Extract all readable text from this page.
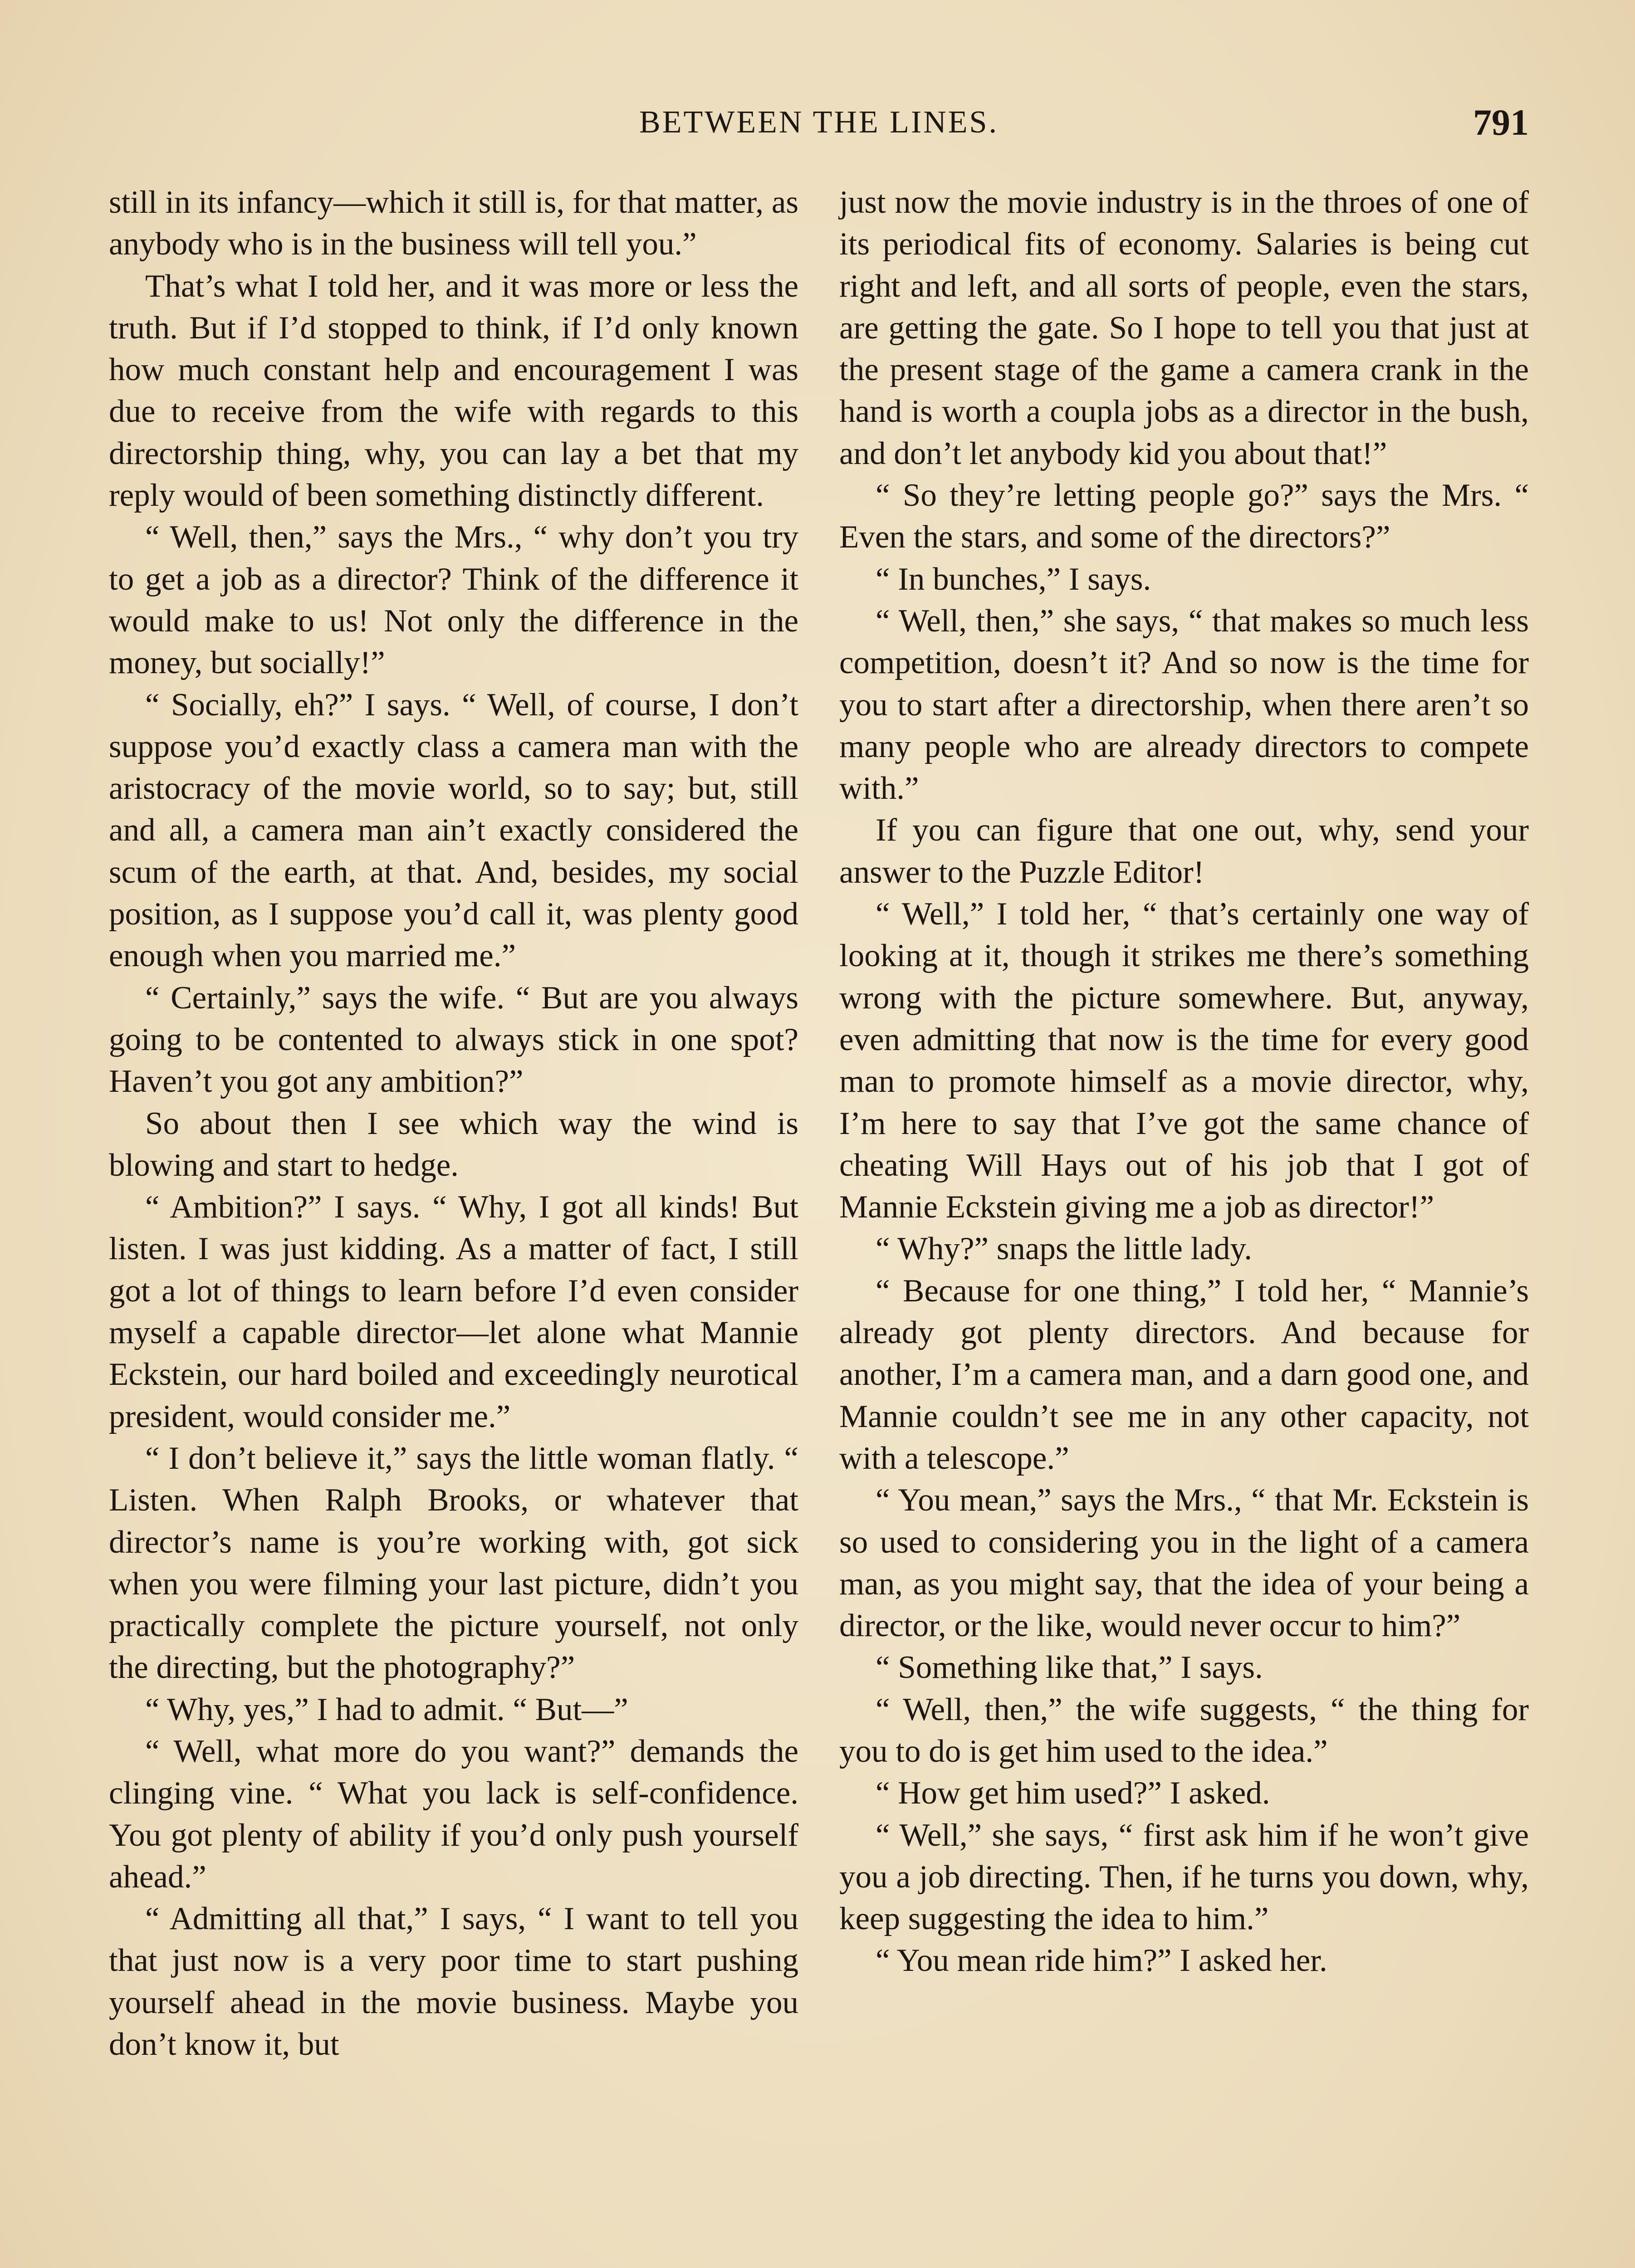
BETWEEN THE LINES.	791

still in its infancy—which it still is, for that matter, as anybody who is in the business will tell you.”

That’s what I told her, and it was more or less the truth. But if I’d stopped to think, if I’d only known how much constant help and encouragement I was due to receive from the wife with regards to this directorship thing, why, you can lay a bet that my reply would of been something distinctly different.

“ Well, then,” says the Mrs., “ why don’t you try to get a job as a director? Think of the difference it would make to us! Not only the difference in the money, but socially!”

“ Socially, eh?” I says. “ Well, of course, I don’t suppose you’d exactly class a camera man with the aristocracy of the movie world, so to say; but, still and all, a camera man ain’t exactly considered the scum of the earth, at that. And, besides, my social position, as I suppose you’d call it, was plenty good enough when you married me.”

“ Certainly,” says the wife. “ But are you always going to be contented to always stick in one spot? Haven’t you got any ambition?”

So about then I see which way the wind is blowing and start to hedge.

“ Ambition?” I says. “ Why, I got all kinds! But listen. I was just kidding. As a matter of fact, I still got a lot of things to learn before I’d even consider myself a capable director—let alone what Mannie Eckstein, our hard boiled and exceedingly neurotical president, would consider me.”

“ I don’t believe it,” says the little woman flatly. “ Listen. When Ralph Brooks, or whatever that director’s name is you’re working with, got sick when you were filming your last picture, didn’t you practically complete the picture yourself, not only the directing, but the photography?”

“ Why, yes,” I had to admit. “ But—”

“ Well, what more do you want?” demands the clinging vine. “ What you lack is self-confidence. You got plenty of ability if you’d only push yourself ahead.”

“ Admitting all that,” I says, “ I want to tell you that just now is a very poor time to start pushing yourself ahead in the movie business. Maybe you don’t know it, but

just now the movie industry is in the throes of one of its periodical fits of economy. Salaries is being cut right and left, and all sorts of people, even the stars, are getting the gate. So I hope to tell you that just at the present stage of the game a camera crank in the hand is worth a coupla jobs as a director in the bush, and don’t let anybody kid you about that!”

“ So they’re letting people go?” says the Mrs. “ Even the stars, and some of the directors?”

“ In bunches,” I says.

“ Well, then,” she says, “ that makes so much less competition, doesn’t it? And so now is the time for you to start after a directorship, when there aren’t so many people who are already directors to compete with.”

If you can figure that one out, why, send your answer to the Puzzle Editor!

“ Well,” I told her, “ that’s certainly one way of looking at it, though it strikes me there’s something wrong with the picture somewhere. But, anyway, even admitting that now is the time for every good man to promote himself as a movie director, why, I’m here to say that I’ve got the same chance of cheating Will Hays out of his job that I got of Mannie Eckstein giving me a job as director!”

“ Why?” snaps the little lady.

“ Because for one thing,” I told her, “ Mannie’s already got plenty directors. And because for another, I’m a camera man, and a darn good one, and Mannie couldn’t see me in any other capacity, not with a telescope.”

“ You mean,” says the Mrs., “ that Mr. Eckstein is so used to considering you in the light of a camera man, as you might say, that the idea of your being a director, or the like, would never occur to him?”

“ Something like that,” I says.

“ Well, then,” the wife suggests, “ the thing for you to do is get him used to the idea.”

“ How get him used?” I asked.

“ Well,” she says, “ first ask him if he won’t give you a job directing. Then, if he turns you down, why, keep suggesting the idea to him.”

“ You mean ride him?” I asked her.
